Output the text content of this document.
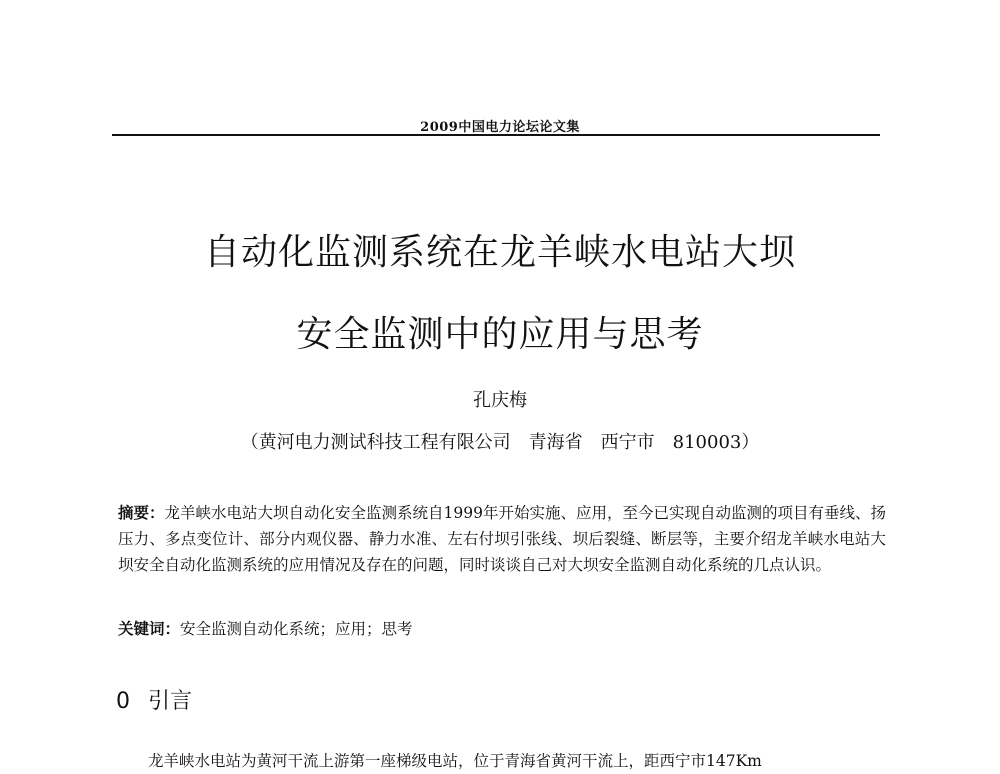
2009中国电力论坛论文集
自动化监测系统在龙羊峡水电站大坝
安全监测中的应用与思考
孔庆梅
（黄河电力测试科技工程有限公司　青海省　西宁市　810003）
摘要：龙羊峡水电站大坝自动化安全监测系统自1999年开始实施、应用，至今已实现自动监测的项目有垂线、扬压力、多点变位计、部分内观仪器、静力水准、左右付坝引张线、坝后裂缝、断层等，主要介绍龙羊峡水电站大坝安全自动化监测系统的应用情况及存在的问题，同时谈谈自己对大坝安全监测自动化系统的几点认识。
关键词：安全监测自动化系统；应用；思考
0 引言
龙羊峡水电站为黄河干流上游第一座梯级电站，位于青海省黄河干流上，距西宁市147Km
